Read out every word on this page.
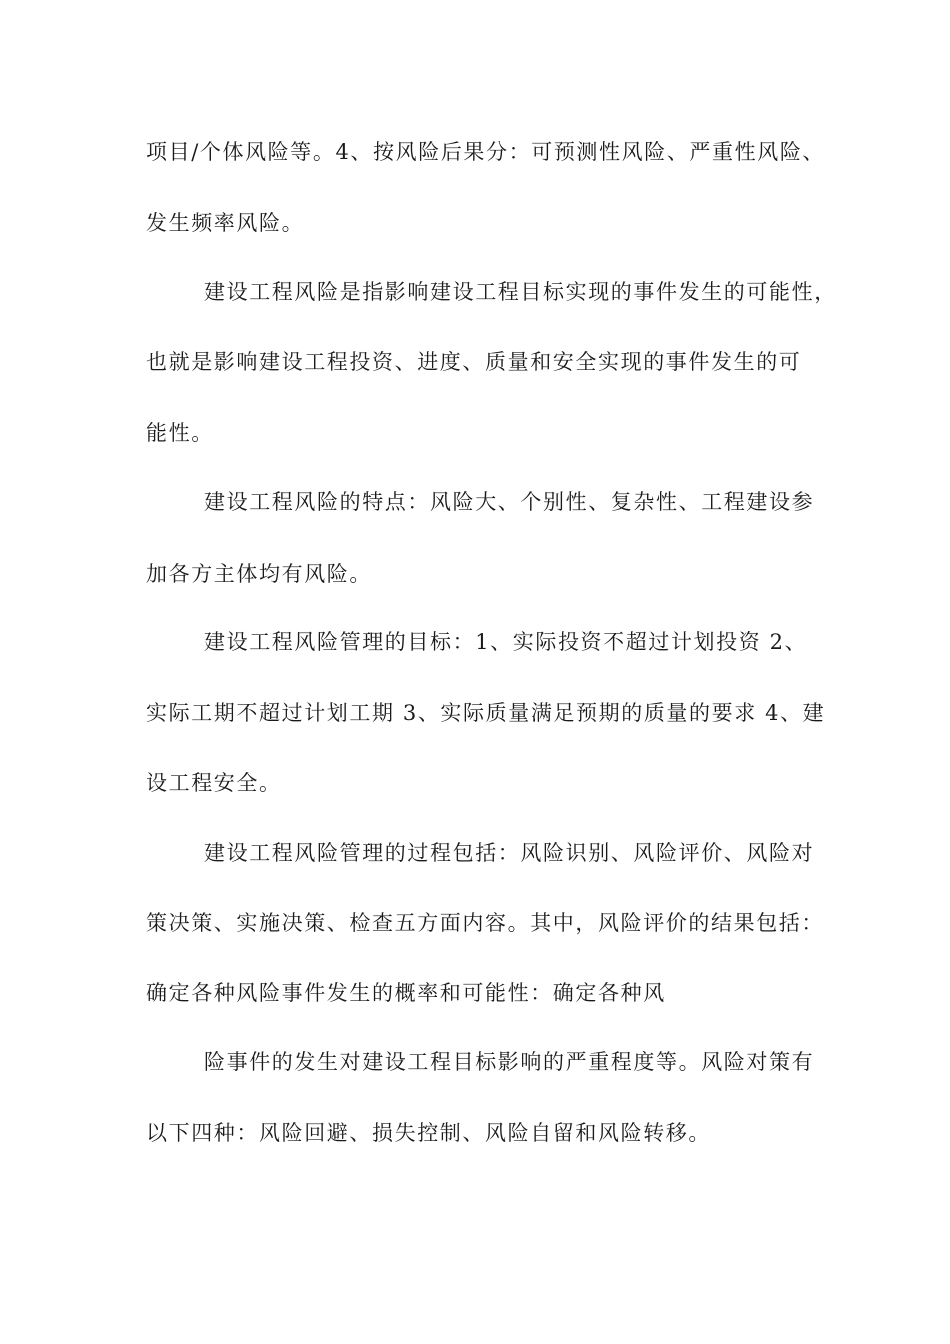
项目/个体风险等。4、按风险后果分：可预测性风险、严重性风险、
发生频率风险。
建设工程风险是指影响建设工程目标实现的事件发生的可能性，
也就是影响建设工程投资、进度、质量和安全实现的事件发生的可
能性。
建设工程风险的特点：风险大、个别性、复杂性、工程建设参
加各方主体均有风险。
建设工程风险管理的目标：1、实际投资不超过计划投资 2、
实际工期不超过计划工期 3、实际质量满足预期的质量的要求 4、建
设工程安全。
建设工程风险管理的过程包括：风险识别、风险评价、风险对
策决策、实施决策、检查五方面内容。其中，风险评价的结果包括：
确定各种风险事件发生的概率和可能性：确定各种风
险事件的发生对建设工程目标影响的严重程度等。风险对策有
以下四种：风险回避、损失控制、风险自留和风险转移。
